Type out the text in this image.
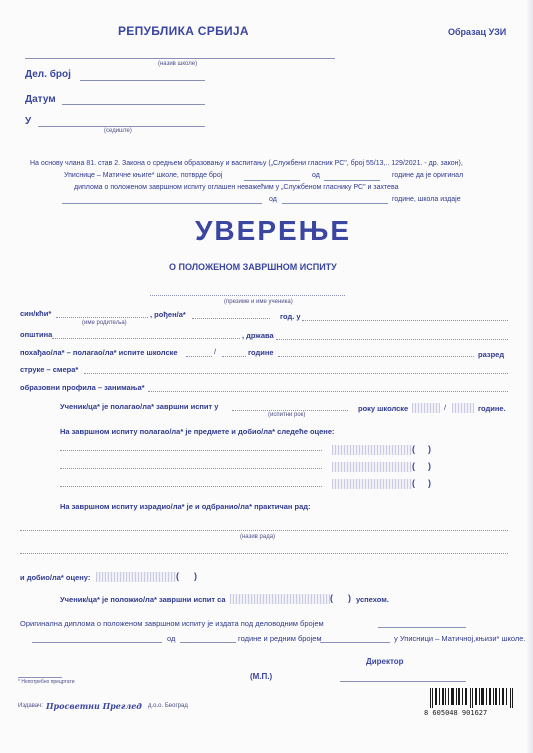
РЕПУБЛИКА СРБИЈА	Образац УЗИ
(назив школе)
Дел. број
Датум
У
(седиште)
На основу члана 81. став 2. Закона о средњем образовању и васпитању („Службени гласник РС", број 55/13,.. 129/2021. - др. закон),
Уписнице – Матичне књиге* школе, потврде број	од	године да је оригинал
диплома о положеном завршном испиту оглашен неважећим у „Службеном гласнику РС" и захтева
од	године, школа издаје
УВЕРЕЊЕ
О ПОЛОЖЕНОМ ЗАВРШНОМ ИСПИТУ
(презиме и име ученика)
син/кћи*
(име родитеља)
, рођен/а*	год. у
општина	, држава
похађао/ла* – полагао/ла* испите школске	/	године	разред
струке – смера*
образовни профила – занимања*
Ученик/ца* је полагао/ла* завршни испит у
(испитни рок)
року школске	/	године.
На завршном испиту полагао/ла* је предмете и добио/ла* следеће оцене:
( )
( )
( )
На завршном испиту израдио/ла* је и одбранио/ла* практичан рад:
(назив рада)
и добио/ла* оцену:	( )
Ученик/ца* је положио/ла* завршни испит са	( ) успехом.
Оригинална диплома о положеном завршном испиту је издата под деловодним бројем
од	године и редним бројем	у Уписници – Матичној,књизи* школе.
Директор
(М.П.)
* Непотребно прецртати
Издавач: Просветни Преглед д.о.о. Београд
8 605048 901627
